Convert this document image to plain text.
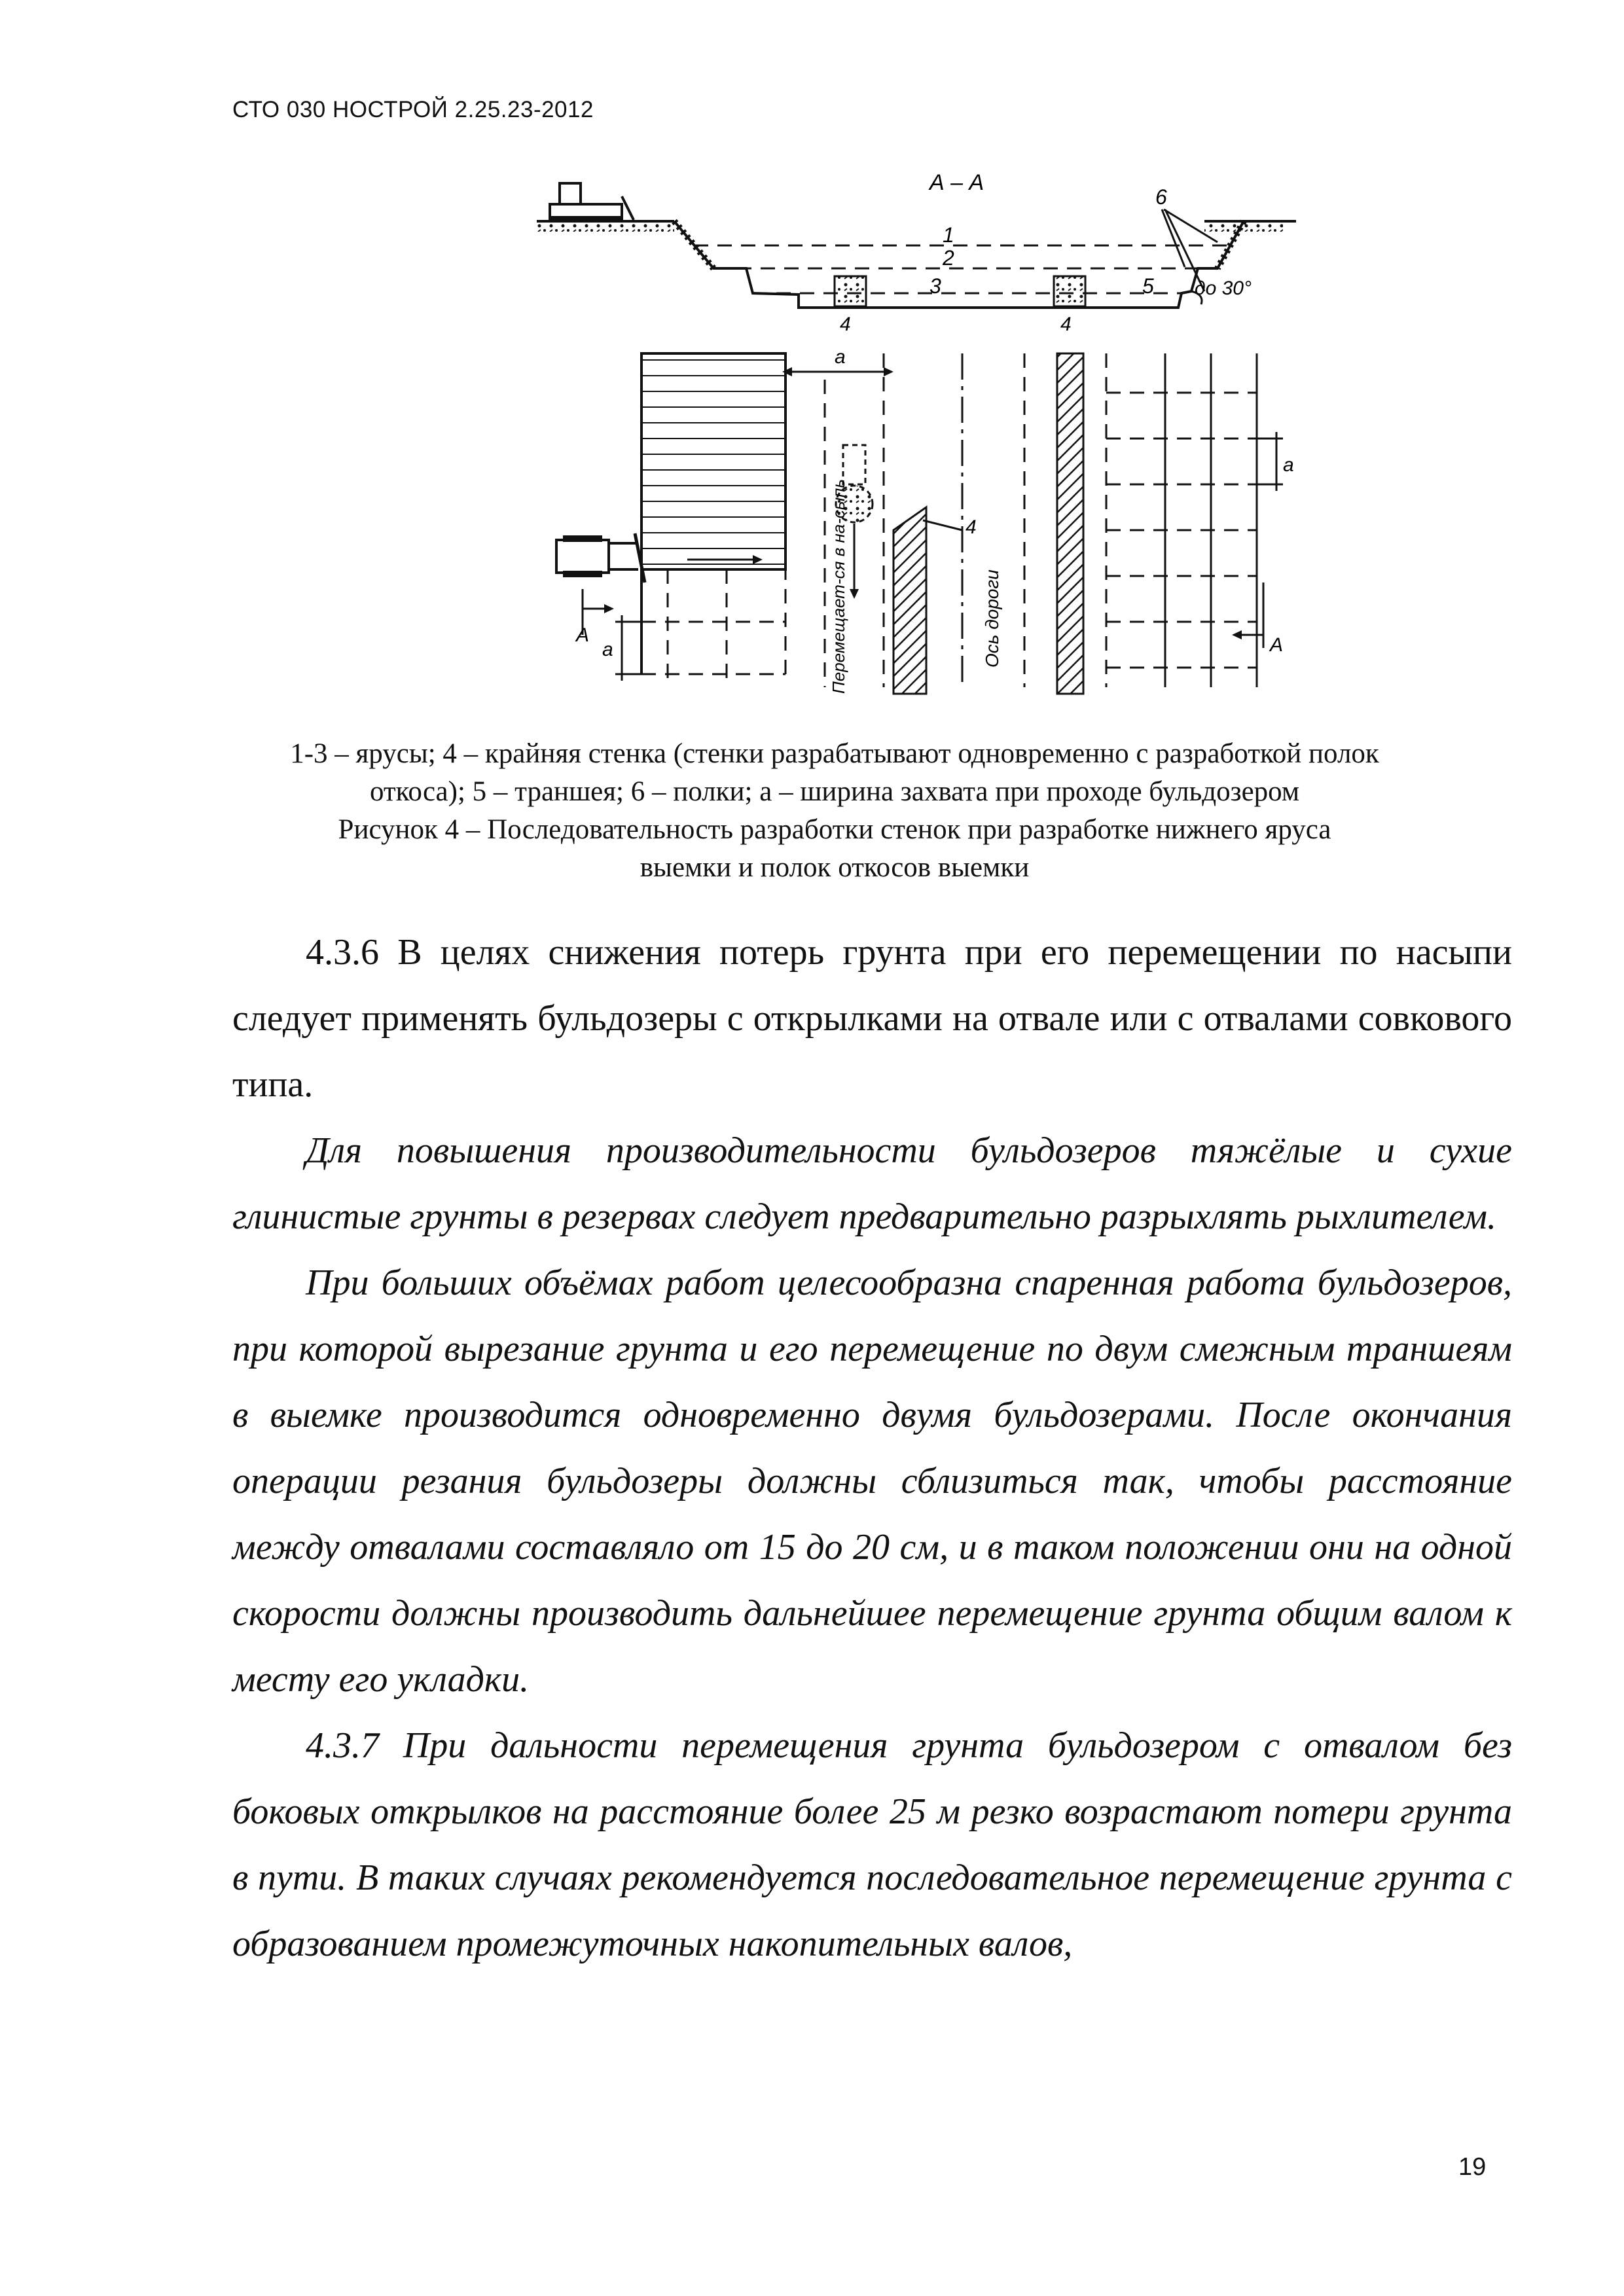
СТО 030 НОСТРОЙ 2.25.23-2012
А – А
1
2
3
4	4
5
6
до 30°
А
a
a
Перемещает-ся в на-сыпь	4
Ось дороги
a
А
1-3 – ярусы; 4 – крайняя стенка (стенки разрабатывают одновременно с разработкой полок
откоса); 5 – траншея; 6 – полки; а – ширина захвата при проходе бульдозером
Рисунок 4 – Последовательность разработки стенок при разработке нижнего яруса
выемки и полок откосов выемки

4.3.6 В целях снижения потерь грунта при его перемещении по насыпи следует применять бульдозеры с открылками на отвале или с отвалами совкового типа.

Для повышения производительности бульдозеров тяжёлые и сухие глинистые грунты в резервах следует предварительно разрыхлять рыхлителем.

При больших объёмах работ целесообразна спаренная работа бульдозеров, при которой вырезание грунта и его перемещение по двум смежным траншеям в выемке производится одновременно двумя бульдозерами. После окончания операции резания бульдозеры должны сблизиться так, чтобы расстояние между отвалами составляло от 15 до 20 см, и в таком положении они на одной скорости должны производить дальнейшее перемещение грунта общим валом к месту его укладки.

4.3.7 При дальности перемещения грунта бульдозером с отвалом без боковых открылков на расстояние более 25 м резко возрастают потери грунта в пути. В таких случаях рекомендуется последовательное перемещение грунта с образованием промежуточных накопительных валов,

19
